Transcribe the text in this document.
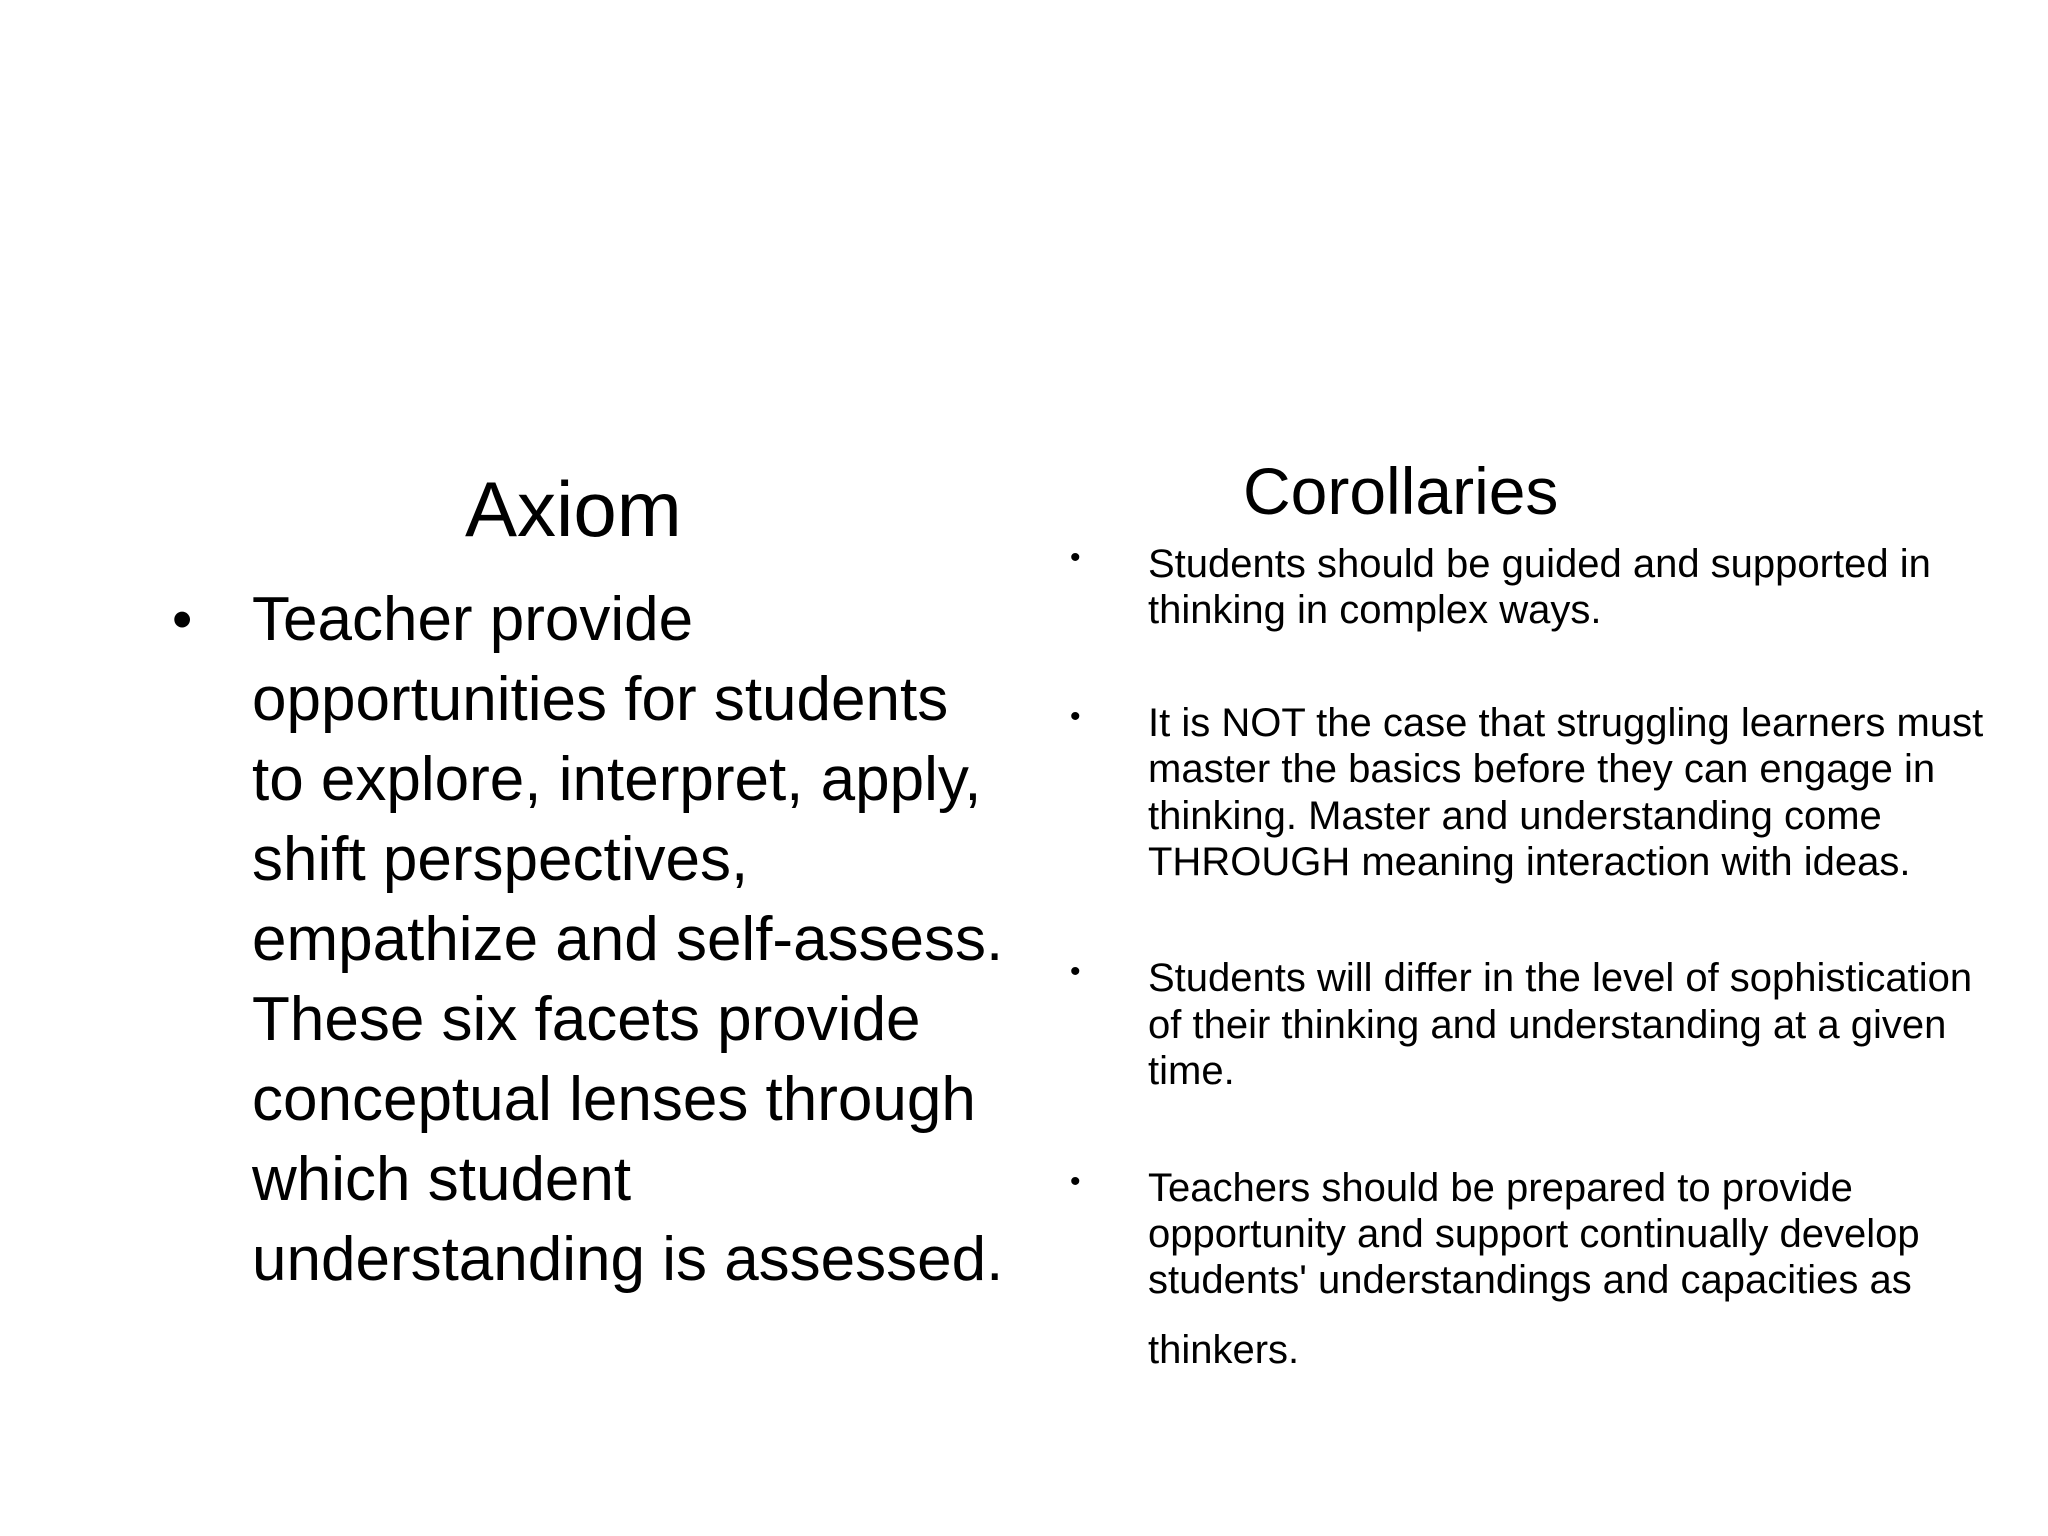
Axiom
• Teacher provide opportunities for students to explore, interpret, apply, shift perspectives, empathize and self-assess. These six facets provide conceptual lenses through which student understanding is assessed.
Corollaries
• Students should be guided and supported in thinking in complex ways.
• It is NOT the case that struggling learners must master the basics before they can engage in thinking. Master and understanding come THROUGH meaning interaction with ideas.
• Students will differ in the level of sophistication of their thinking and understanding at a given time.
• Teachers should be prepared to provide opportunity and support continually develop students' understandings and capacities as
thinkers.
